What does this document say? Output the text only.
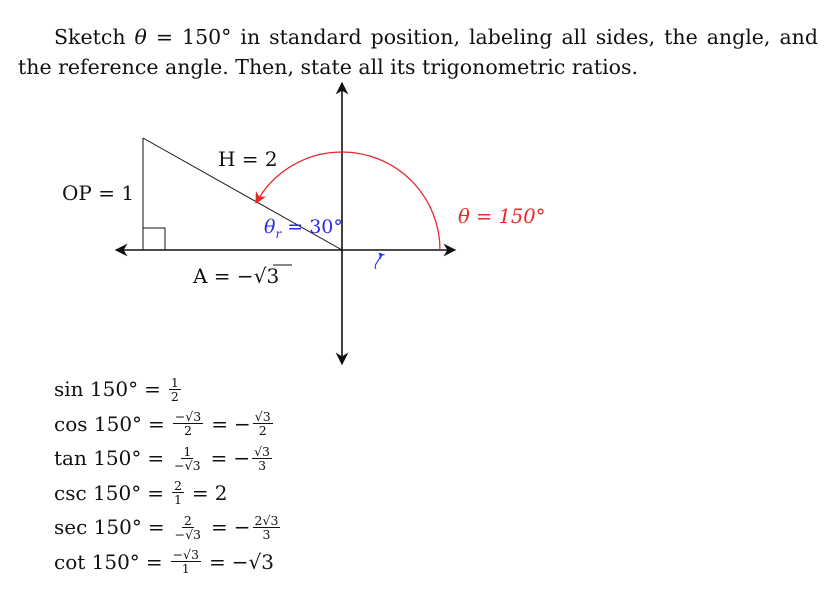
Sketch θ = 150° in standard position, labeling all sides, the angle, and the reference angle. Then, state all its trigonometric ratios.

H = 2
OP = 1
A = −√3
$\theta_r = 30^\circ$	θ = 150°
$\sin 150^\circ = \frac{1}{2}$
$\cos 150^\circ = \frac{-√3}{2}$ = − $\frac{√3}{2}$
$\tan 150^\circ = \frac{1}{-√3}$ = − $\frac{√3}{3}$
$\csc 150^\circ = \frac{2}{1} = 2$
$\sec 150^\circ = \frac{2}{-√3}$ = − $\frac{2√3}{3}$
$\cot 150^\circ = \frac{-√3}{1} = -√3$
